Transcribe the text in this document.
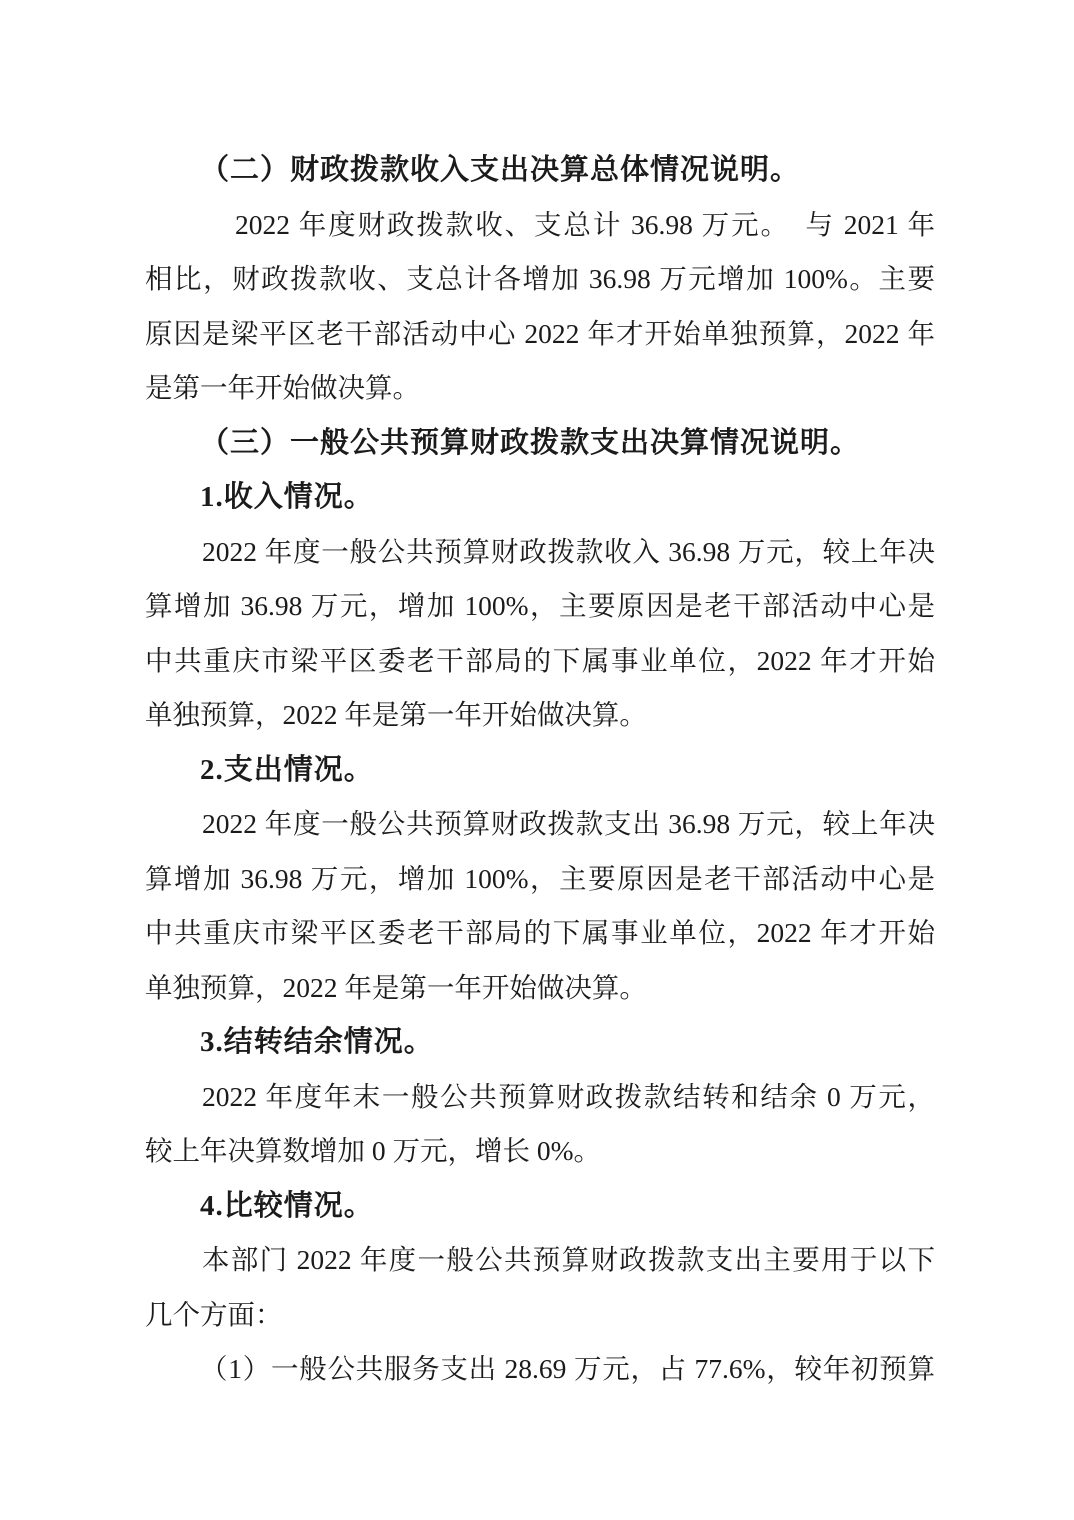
（二）财政拨款收入支出决算总体情况说明。
2022 年度财政拨款收、支总计 36.98 万元。　与 2021 年
相比，财政拨款收、支总计各增加 36.98 万元增加 100%。主要
原因是梁平区老干部活动中心 2022 年才开始单独预算，2022 年
是第一年开始做决算。
（三）一般公共预算财政拨款支出决算情况说明。
1.收入情况。
2022 年度一般公共预算财政拨款收入 36.98 万元，较上年决
算增加 36.98 万元，增加 100%，主要原因是老干部活动中心是
中共重庆市梁平区委老干部局的下属事业单位，2022 年才开始
单独预算，2022 年是第一年开始做决算。
2.支出情况。
2022 年度一般公共预算财政拨款支出 36.98 万元，较上年决
算增加 36.98 万元，增加 100%，主要原因是老干部活动中心是
中共重庆市梁平区委老干部局的下属事业单位，2022 年才开始
单独预算，2022 年是第一年开始做决算。
3.结转结余情况。
2022 年度年末一般公共预算财政拨款结转和结余 0 万元，
较上年决算数增加 0 万元，增长 0%。
4.比较情况。
本部门 2022 年度一般公共预算财政拨款支出主要用于以下
几个方面：
（1）一般公共服务支出 28.69 万元，占 77.6%，较年初预算
